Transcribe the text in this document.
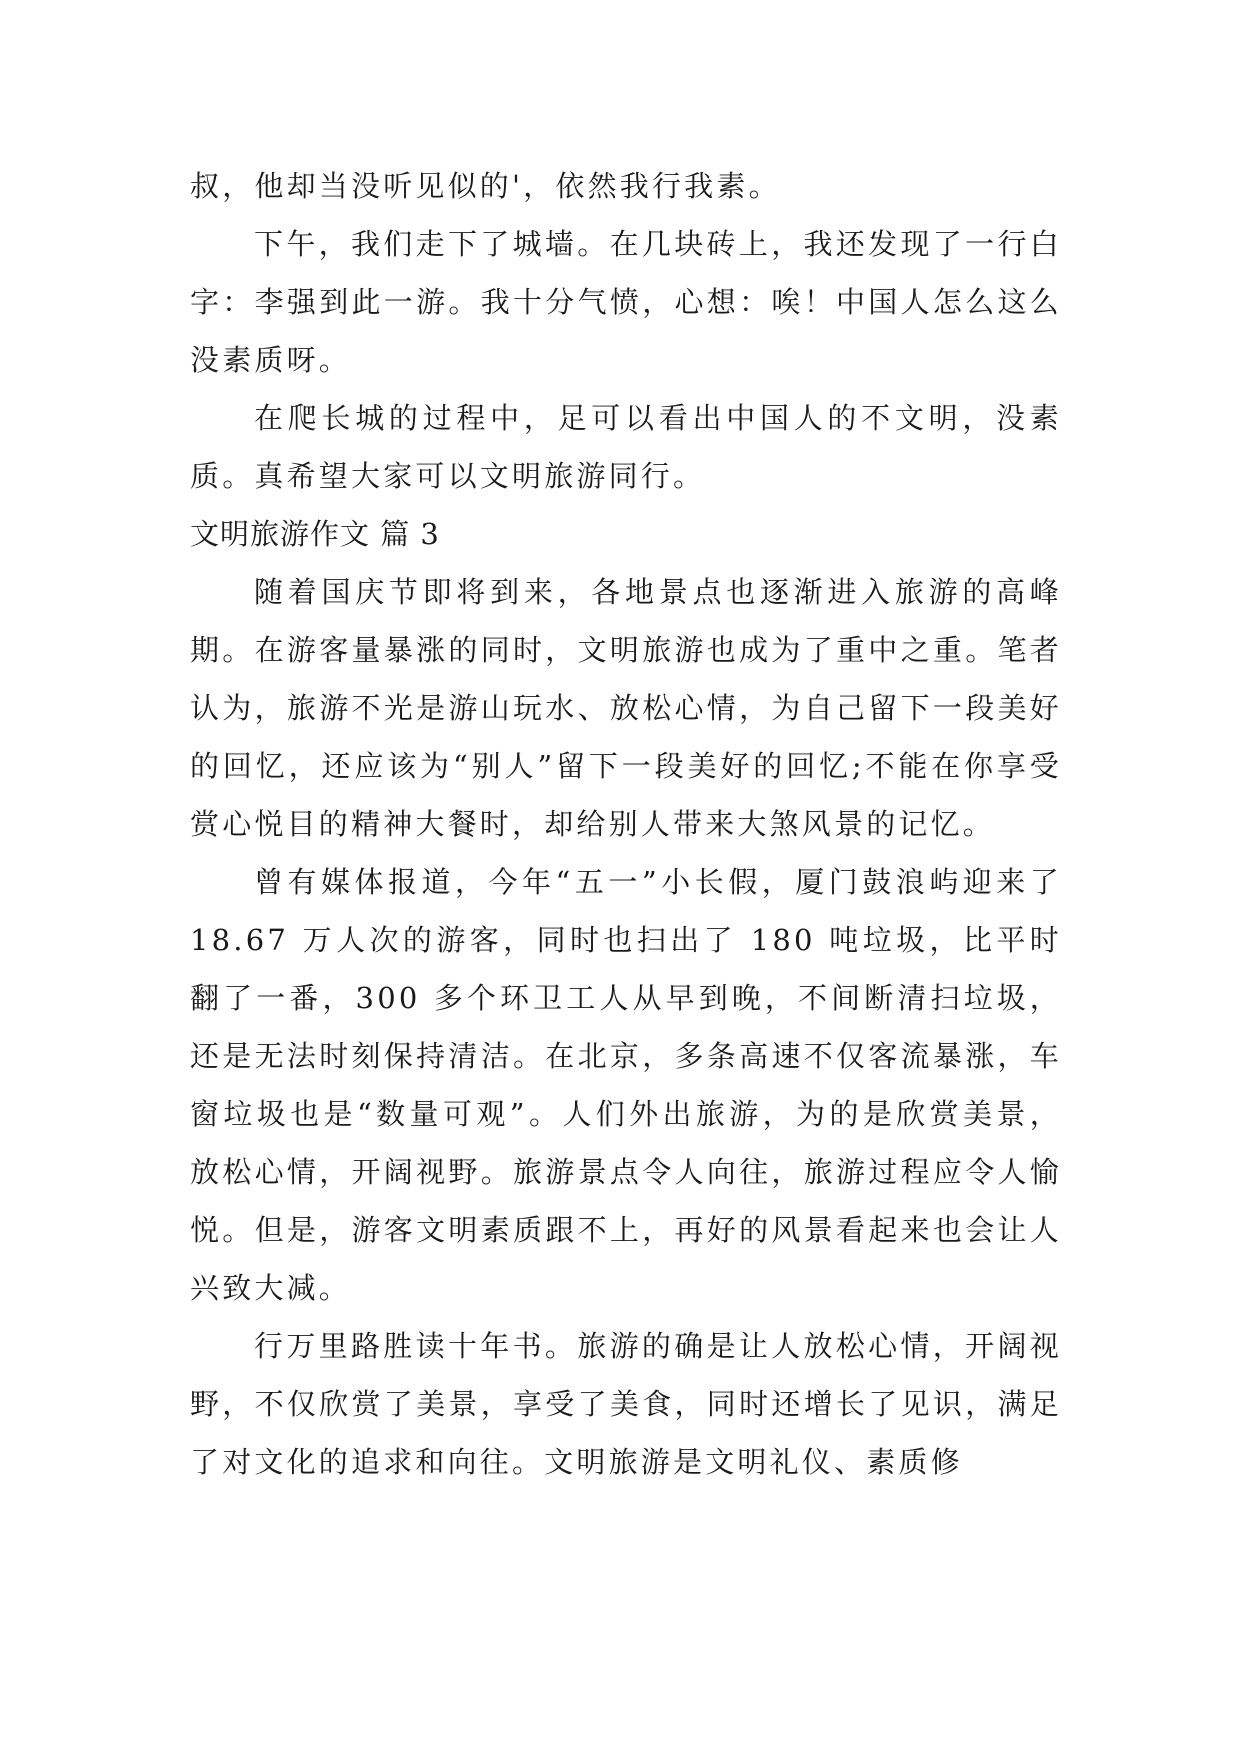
叔，他却当没听见似的'，依然我行我素。

下午，我们走下了城墙。在几块砖上，我还发现了一行白字：李强到此一游。我十分气愤，心想：唉！中国人怎么这么没素质呀。

在爬长城的过程中，足可以看出中国人的不文明，没素质。真希望大家可以文明旅游同行。

文明旅游作文 篇 3

随着国庆节即将到来，各地景点也逐渐进入旅游的高峰期。在游客量暴涨的同时，文明旅游也成为了重中之重。笔者认为，旅游不光是游山玩水、放松心情，为自己留下一段美好的回忆，还应该为“别人”留下一段美好的回忆;不能在你享受赏心悦目的精神大餐时，却给别人带来大煞风景的记忆。

曾有媒体报道，今年“五一”小长假，厦门鼓浪屿迎来了 18.67 万人次的游客，同时也扫出了 180 吨垃圾，比平时翻了一番，300 多个环卫工人从早到晚，不间断清扫垃圾，还是无法时刻保持清洁。在北京，多条高速不仅客流暴涨，车窗垃圾也是“数量可观”。人们外出旅游，为的是欣赏美景，放松心情，开阔视野。旅游景点令人向往，旅游过程应令人愉悦。但是，游客文明素质跟不上，再好的风景看起来也会让人兴致大减。

行万里路胜读十年书。旅游的确是让人放松心情，开阔视野，不仅欣赏了美景，享受了美食，同时还增长了见识，满足了对文化的追求和向往。文明旅游是文明礼仪、素质修
